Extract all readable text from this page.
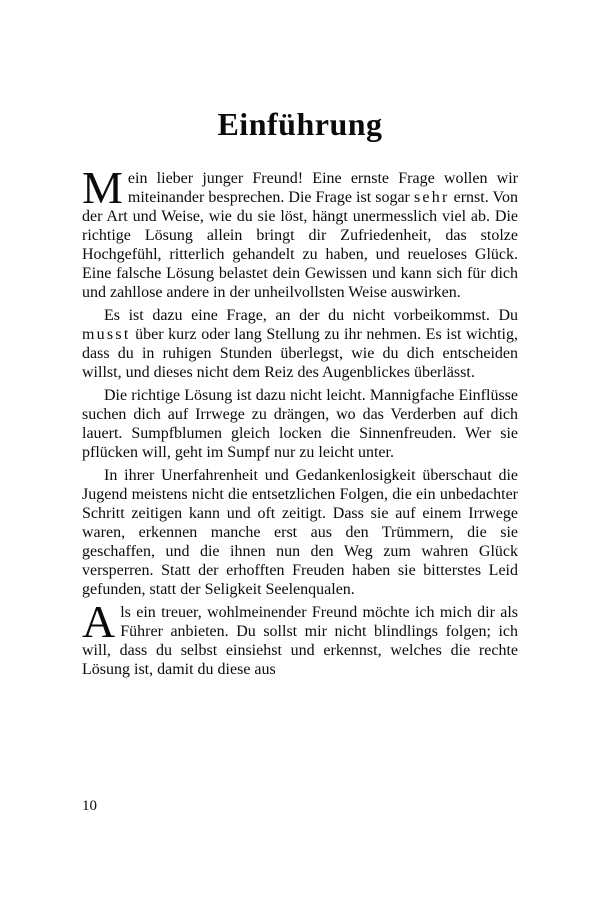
Einführung

Mein lieber junger Freund! Eine ernste Frage wollen wir miteinander besprechen. Die Frage ist sogar sehr ernst. Von der Art und Weise, wie du sie löst, hängt unermesslich viel ab. Die richtige Lösung allein bringt dir Zufriedenheit, das stolze Hochgefühl, ritterlich gehandelt zu haben, und reueloses Glück. Eine falsche Lösung belastet dein Gewissen und kann sich für dich und zahllose andere in der unheilvollsten Weise auswirken.

Es ist dazu eine Frage, an der du nicht vorbeikommst. Du musst über kurz oder lang Stellung zu ihr nehmen. Es ist wichtig, dass du in ruhigen Stunden überlegst, wie du dich entscheiden willst, und dieses nicht dem Reiz des Augenblickes überlässt.

Die richtige Lösung ist dazu nicht leicht. Mannigfache Einflüsse suchen dich auf Irrwege zu drängen, wo das Verderben auf dich lauert. Sumpfblumen gleich locken die Sinnenfreuden. Wer sie pflücken will, geht im Sumpf nur zu leicht unter.

In ihrer Unerfahrenheit und Gedankenlosigkeit überschaut die Jugend meistens nicht die entsetzlichen Folgen, die ein unbedachter Schritt zeitigen kann und oft zeitigt. Dass sie auf einem Irrwege waren, erkennen manche erst aus den Trümmern, die sie geschaffen, und die ihnen nun den Weg zum wahren Glück versperren. Statt der erhofften Freuden haben sie bitterstes Leid gefunden, statt der Seligkeit Seelenqualen.

Als ein treuer, wohlmeinender Freund möchte ich mich dir als Führer anbieten. Du sollst mir nicht blindlings folgen; ich will, dass du selbst einsiehst und erkennst, welches die rechte Lösung ist, damit du diese aus

10
